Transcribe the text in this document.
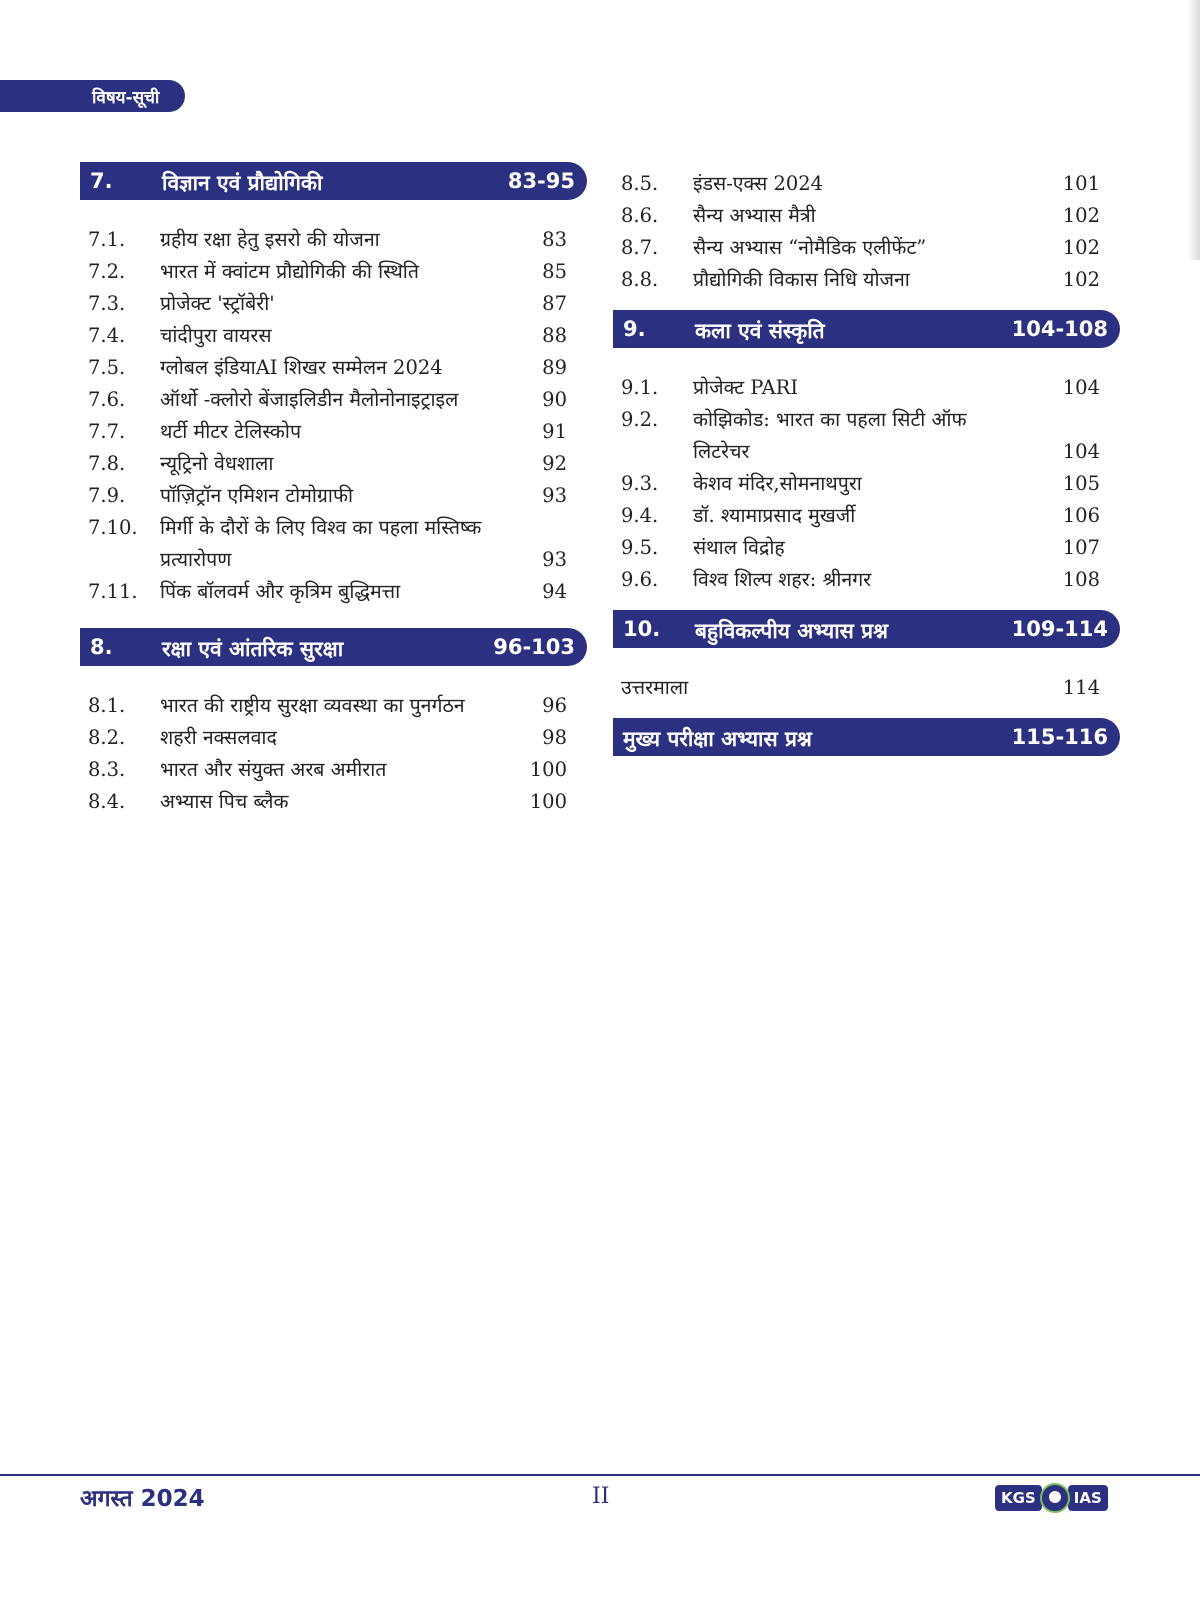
विषय-सूची
7. विज्ञान एवं प्रौद्योगिकी	83-95
7.1. ग्रहीय रक्षा हेतु इसरो की योजना	83
7.2. भारत में क्वांटम प्रौद्योगिकी की स्थिति	85
7.3. प्रोजेक्ट 'स्ट्रॉबेरी'	87
7.4. चांदीपुरा वायरस	88
7.5. ग्लोबल इंडियाAI शिखर सम्मेलन 2024	89
7.6. ऑर्थो -क्लोरो बेंजाइलिडीन मैलोनोनाइट्राइल	90
7.7. थर्टी मीटर टेलिस्कोप	91
7.8. न्यूट्रिनो वेधशाला	92
7.9. पॉज़िट्रॉन एमिशन टोमोग्राफी	93
7.10. मिर्गी के दौरों के लिए विश्व का पहला मस्तिष्क
प्रत्यारोपण	93
7.11. पिंक बॉलवर्म और कृत्रिम बुद्धिमत्ता	94
8. रक्षा एवं आंतरिक सुरक्षा	96-103
8.1. भारत की राष्ट्रीय सुरक्षा व्यवस्था का पुनर्गठन	96
8.2. शहरी नक्सलवाद	98
8.3. भारत और संयुक्त अरब अमीरात	100
8.4. अभ्यास पिच ब्लैक	100
8.5. इंडस-एक्स 2024	101
8.6. सैन्य अभ्यास मैत्री	102
8.7. सैन्य अभ्यास “नोमैडिक एलीफेंट”	102
8.8. प्रौद्योगिकी विकास निधि योजना	102
9. कला एवं संस्कृति	104-108
9.1. प्रोजेक्ट PARI	104
9.2. कोझिकोड: भारत का पहला सिटी ऑफ
लिटरेचर	104
9.3. केशव मंदिर,सोमनाथपुरा	105
9.4. डॉ. श्यामाप्रसाद मुखर्जी	106
9.5. संथाल विद्रोह	107
9.6. विश्व शिल्प शहर: श्रीनगर	108
10. बहुविकल्पीय अभ्यास प्रश्न	109-114
उत्तरमाला	114
मुख्य परीक्षा अभ्यास प्रश्न	115-116
अगस्त 2024	II	KGS	IAS
